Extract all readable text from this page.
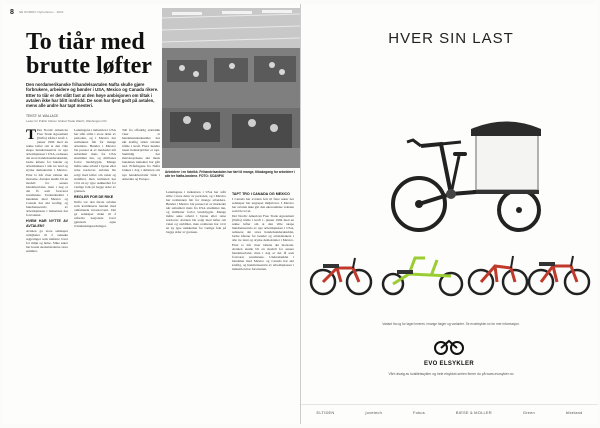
8 SE NORDIC Nyhetsbrev · 2021
To tiår med brutte løfter
Den nordamerikanske frihandelsavtalen Nafta skulle gjøre forbrukere, arbeidere og bønder i USA, Mexico og Canada rikere. Etter to tiår er det slått fast at den høye ambisjonen om tiltak i avtalen ikke har blitt innfridd. De som har tjent godt på avtalen, mens alle andre har tapt mesteri.
TEKST: M. WALLACE
Leder for Public Citizen Global Trade Watch, Washington DC
Arbeidere i en fabrikk. Frihandelsavtalen har ført til mange, tilbakegang for arbeidere i alle tre Nafta-landene. FOTO: SCANPIX

T Det Nordic American Free Trade Agreement (Nafta) trådte i kraft 1. januar 1994 med en rekke løfter om at den ville skape hundretusenvis av nye arbeidsplasser i USA, redusere det store handelsunderskuddet, bedre kårene for bønder og arbeidstakere i alle tre land og styrke demokratiet i Mexico. Etter to tiår viser tallene det motsatte. Avtalen skulle bli en modell for senere handelsavtaler, men i dag er det få som forsvarer resultatene. Underskuddet i handelen med Mexico og Canada har økt kraftig, og hundretusenvis av arbeidsplasser i industrien har forsvunnet.

HVEM HAR NYTTE AV AVTALEN?

Avtalen ga store selskaper rettigheter til å saksøke regjeringer som innførte lover for miljø og helse. Slike saker har kostet skattebetalerne store summer.

Lønningene i industrien i USA har stått stille i store deler av perioden, og i Mexico har reallønnen falt for mange arbeidere. Bønder i Mexico ble presset ut av markedet når subsidiert mais fra USA strømmet inn, og millioner forlot landsbygda. Mange måtte søke arbeid i byene eller reise nordover. Avtalen ble solgt med løfter om vekst og stabilitet, men realiteten har vært en ny type usikkerhet for vanlige folk på begge sider av grensen.

REGLER FOR DE RIKE

Nafta var den første avtalen som kombinerte handel med omfattende investorvern. Det ga selskaper makt til å utfordre nasjonale lover gjennom egne tvisteløsningsordninger.

Tall fra offentlig statistikk viser at handelsunderskuddet har økt kraftig siden avtalen trådte i kraft. Flere hundre tusen industrijobber er tapt. Samtidig har matvareprisene økt mens bøndenes inntekter har gått ned. Erfaringene fra Nafta brukes i dag i debatten om nye handelsavtaler både i Amerika og Europa.

Lønningene i industrien i USA har stått stille i store deler av perioden, og i Mexico har reallønnen falt for mange arbeidere. Bønder i Mexico ble presset ut av markedet når subsidiert mais fra USA strømmet inn, og millioner forlot landsbygda. Mange måtte søke arbeid i byene eller reise nordover. Avtalen ble solgt med løfter om vekst og stabilitet, men realiteten har vært en ny type usikkerhet for vanlige folk på begge sider av grensen.

TAPT TRO I CANADA OG MEXICO

I Canada har avtalen ført til flere saker der selskaper har angrepet miljølover. I Mexico har avtalen ikke gitt den økonomiske veksten som ble lovet.

Det Nordic American Free Trade Agreement (Nafta) trådte i kraft 1. januar 1994 med en rekke løfter om at den ville skape hundretusenvis av nye arbeidsplasser i USA, redusere det store handelsunderskuddet, bedre kårene for bønder og arbeidstakere i alle tre land og styrke demokratiet i Mexico. Etter to tiår viser tallene det motsatte. Avtalen skulle bli en modell for senere handelsavtaler, men i dag er det få som forsvarer resultatene. Underskuddet i handelen med Mexico og Canada har økt kraftig, og hundretusenvis av arbeidsplasser i industrien har forsvunnet.

HVER SIN LAST
Variant fra og for lager leveres i mange farger og varianter. Se evoelsykler.no for mer informasjon.
EVO ELSYKLER
Vårt utvalg av kvalitetssykler og hele elsykkel-serien finner du på www.evosykler.no
ELTIDEN	jovetech	Fokus	BIESE & MOLLER	Green	bikeland
